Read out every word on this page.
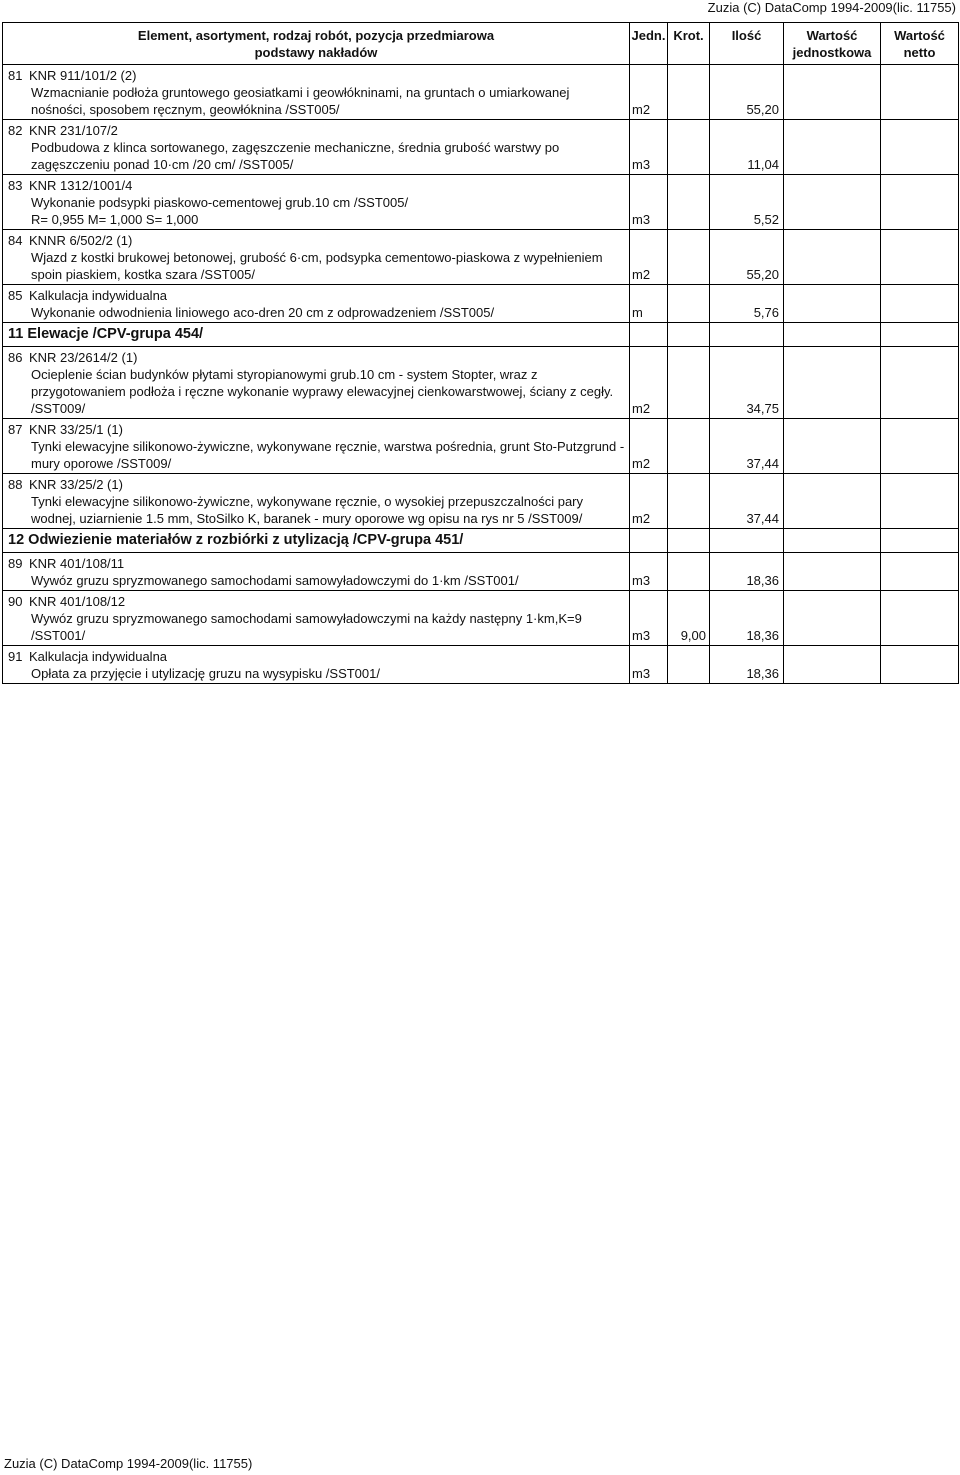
Zuzia (C) DataComp 1994-2009(lic. 11755)
Element, asortyment, rodzaj robót, pozycja przedmiarowa
podstawy nakładów	Jedn.	Krot.	Ilość	Wartość
jednostkowa	Wartość
netto

81 KNR 911/101/2 (2)
Wzmacnianie podłoża gruntowego geosiatkami i geowłókninami, na gruntach o umiarkowanej nośności, sposobem ręcznym, geowłóknina /SST005/	m2		55,20		

82 KNR 231/107/2
Podbudowa z klinca sortowanego, zagęszczenie mechaniczne, średnia grubość warstwy po zagęszczeniu ponad 10·cm /20 cm/ /SST005/	m3		11,04		

83 KNR 1312/1001/4
Wykonanie podsypki piaskowo-cementowej grub.10 cm /SST005/
R= 0,955 M= 1,000 S= 1,000	m3		5,52		

84 KNNR 6/502/2 (1)
Wjazd z kostki brukowej betonowej, grubość 6·cm, podsypka cementowo-piaskowa z wypełnieniem spoin piaskiem, kostka szara /SST005/	m2		55,20		

85 Kalkulacja indywidualna
Wykonanie odwodnienia liniowego aco-dren 20 cm z odprowadzeniem /SST005/	m		5,76		
11 Elewacje /CPV-grupa 454/					

86 KNR 23/2614/2 (1)
Ocieplenie ścian budynków płytami styropianowymi grub.10 cm - system Stopter, wraz z przygotowaniem podłoża i ręczne wykonanie wyprawy elewacyjnej cienkowarstwowej, ściany z cegły. /SST009/	m2		34,75		

87 KNR 33/25/1 (1)
Tynki elewacyjne silikonowo-żywiczne, wykonywane ręcznie, warstwa pośrednia, grunt Sto-Putzgrund - mury oporowe /SST009/	m2		37,44		

88 KNR 33/25/2 (1)
Tynki elewacyjne silikonowo-żywiczne, wykonywane ręcznie, o wysokiej przepuszczalności pary wodnej, uziarnienie 1.5 mm, StoSilko K, baranek - mury oporowe wg opisu na rys nr 5 /SST009/	m2		37,44		
12 Odwiezienie materiałów z rozbiórki z utylizacją /CPV-grupa 451/					

89 KNR 401/108/11
Wywóz gruzu spryzmowanego samochodami samowyładowczymi do 1·km /SST001/	m3		18,36		

90 KNR 401/108/12
Wywóz gruzu spryzmowanego samochodami samowyładowczymi na każdy następny 1·km,K=9 /SST001/	m3	9,00	18,36		

91 Kalkulacja indywidualna
Opłata za przyjęcie i utylizację gruzu na wysypisku /SST001/	m3		18,36		
Zuzia (C) DataComp 1994-2009(lic. 11755)
